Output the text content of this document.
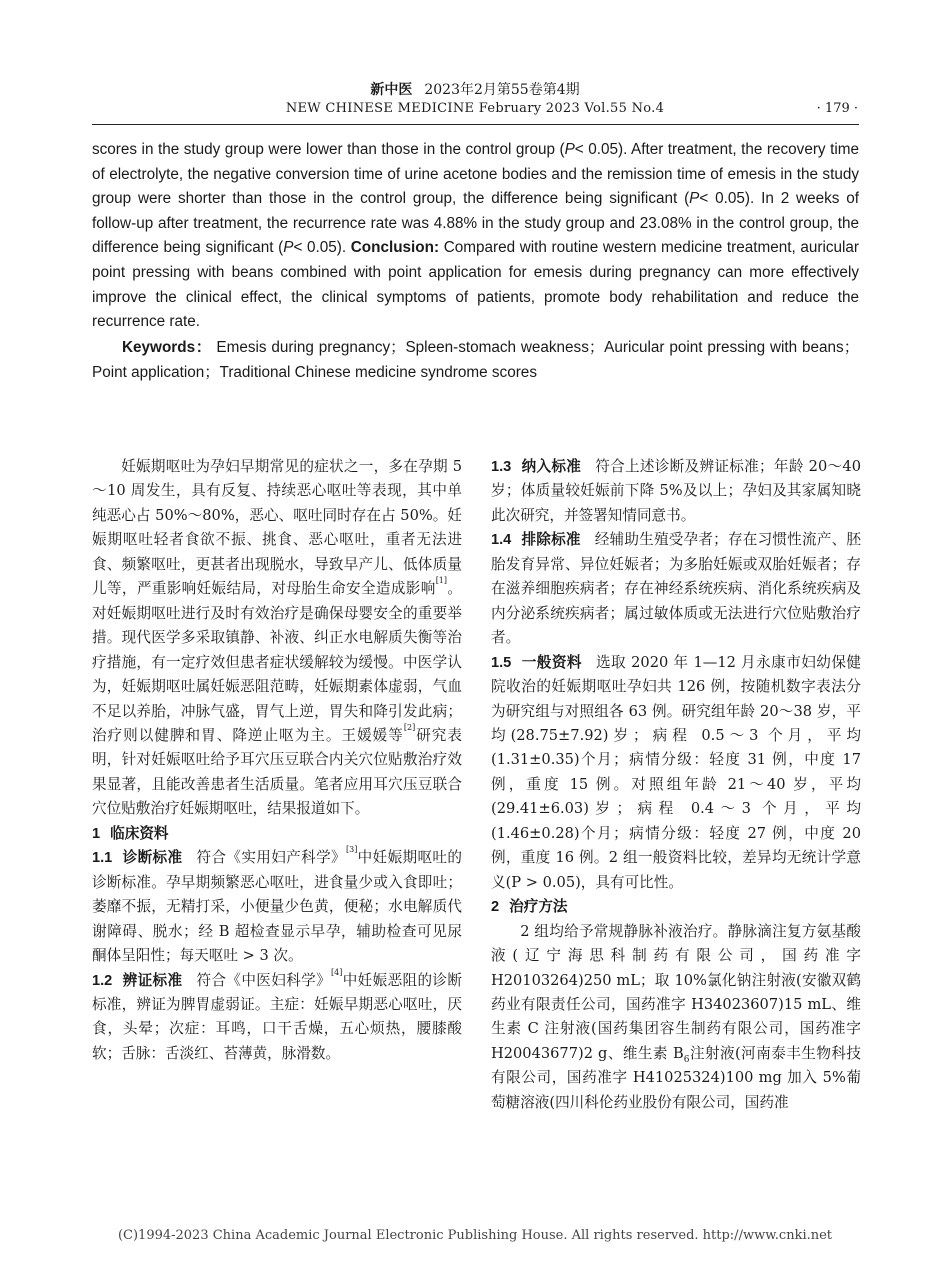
新中医 2023年2月第55卷第4期
NEW CHINESE MEDICINE February 2023 Vol.55 No.4	· 179 ·
scores in the study group were lower than those in the control group (P< 0.05). After treatment, the recovery time of electrolyte, the negative conversion time of urine acetone bodies and the remission time of emesis in the study group were shorter than those in the control group, the difference being significant (P< 0.05). In 2 weeks of follow-up after treatment, the recurrence rate was 4.88% in the study group and 23.08% in the control group, the difference being significant (P< 0.05). Conclusion: Compared with routine western medicine treatment, auricular point pressing with beans combined with point application for emesis during pregnancy can more effectively improve the clinical effect, the clinical symptoms of patients, promote body rehabilitation and reduce the recurrence rate.
Keywords： Emesis during pregnancy；Spleen-stomach weakness；Auricular point pressing with beans；Point application；Traditional Chinese medicine syndrome scores

妊娠期呕吐为孕妇早期常见的症状之一，多在孕期 5～10 周发生，具有反复、持续恶心呕吐等表现，其中单纯恶心占 50%～80%，恶心、呕吐同时存在占 50%。妊娠期呕吐轻者食欲不振、挑食、恶心呕吐，重者无法进食、频繁呕吐，更甚者出现脱水，导致早产儿、低体质量儿等，严重影响妊娠结局，对母胎生命安全造成影响[1]。对妊娠期呕吐进行及时有效治疗是确保母婴安全的重要举措。现代医学多采取镇静、补液、纠正水电解质失衡等治疗措施，有一定疗效但患者症状缓解较为缓慢。中医学认为，妊娠期呕吐属妊娠恶阻范畴，妊娠期素体虚弱，气血不足以养胎，冲脉气盛，胃气上逆，胃失和降引发此病；治疗则以健脾和胃、降逆止呕为主。王媛媛等[2]研究表明，针对妊娠呕吐给予耳穴压豆联合内关穴位贴敷治疗效果显著，且能改善患者生活质量。笔者应用耳穴压豆联合穴位贴敷治疗妊娠期呕吐，结果报道如下。

1 临床资料

1.1 诊断标准 符合《实用妇产科学》[3]中妊娠期呕吐的诊断标准。孕早期频繁恶心呕吐，进食量少或入食即吐；萎靡不振，无精打采，小便量少色黄，便秘；水电解质代谢障碍、脱水；经 B 超检查显示早孕，辅助检查可见尿酮体呈阳性；每天呕吐 > 3 次。

1.2 辨证标准 符合《中医妇科学》[4]中妊娠恶阻的诊断标准，辨证为脾胃虚弱证。主症：妊娠早期恶心呕吐，厌食，头晕；次症：耳鸣，口干舌燥，五心烦热，腰膝酸软；舌脉：舌淡红、苔薄黄，脉滑数。

1.3 纳入标准 符合上述诊断及辨证标准；年龄 20～40 岁；体质量较妊娠前下降 5%及以上；孕妇及其家属知晓此次研究，并签署知情同意书。

1.4 排除标准 经辅助生殖受孕者；存在习惯性流产、胚胎发育异常、异位妊娠者；为多胎妊娠或双胎妊娠者；存在滋养细胞疾病者；存在神经系统疾病、消化系统疾病及内分泌系统疾病者；属过敏体质或无法进行穴位贴敷治疗者。

1.5 一般资料 选取 2020 年 1—12 月永康市妇幼保健院收治的妊娠期呕吐孕妇共 126 例，按随机数字表法分为研究组与对照组各 63 例。研究组年龄 20～38 岁，平均(28.75±7.92)岁；病程 0.5～3 个月，平均(1.31±0.35)个月；病情分级：轻度 31 例，中度 17 例，重度 15 例。对照组年龄 21～40 岁，平均(29.41±6.03)岁；病程 0.4～3 个月，平均(1.46±0.28)个月；病情分级：轻度 27 例，中度 20 例，重度 16 例。2 组一般资料比较，差异均无统计学意义(P > 0.05)，具有可比性。

2 治疗方法

2 组均给予常规静脉补液治疗。静脉滴注复方氨基酸液(辽宁海思科制药有限公司，国药准字 H20103264)250 mL；取 10%氯化钠注射液(安徽双鹤药业有限责任公司，国药准字 H34023607)15 mL、维生素 C 注射液(国药集团容生制药有限公司，国药准字 H20043677)2 g、维生素 $B_6$注射液(河南泰丰生物科技有限公司，国药准字 H41025324)100 mg 加入 5%葡萄糖溶液(四川科伦药业股份有限公司，国药准

(C)1994-2023 China Academic Journal Electronic Publishing House. All rights reserved. http://www.cnki.net
